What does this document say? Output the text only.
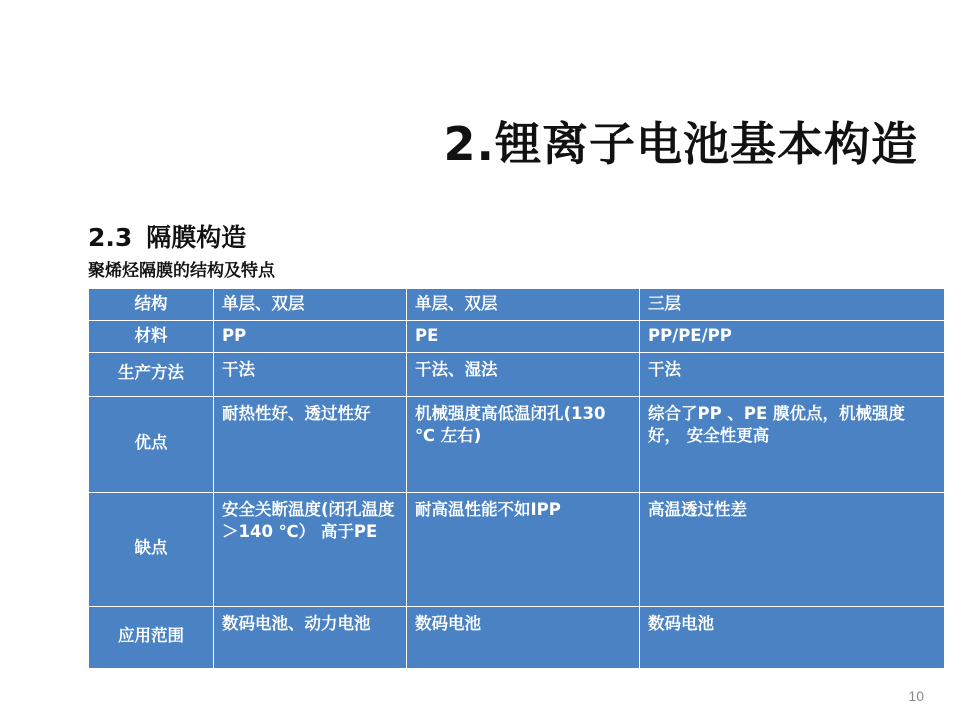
2.锂离子电池基本构造
2.3 隔膜构造
聚烯烃隔膜的结构及特点
结构	单层、双层	单层、双层	三层
材料	PP	PE	PP/PE/PP
生产方法	干法	干法、湿法	干法
优点	耐热性好、透过性好	机械强度高低温闭孔(130 ℃ 左右)	综合了PP 、PE 膜优点，机械强度好， 安全性更高
缺点	安全关断温度(闭孔温度＞140 ℃） 高于PE	耐高温性能不如IPP	高温透过性差
应用范围	数码电池、动力电池	数码电池	数码电池
10
